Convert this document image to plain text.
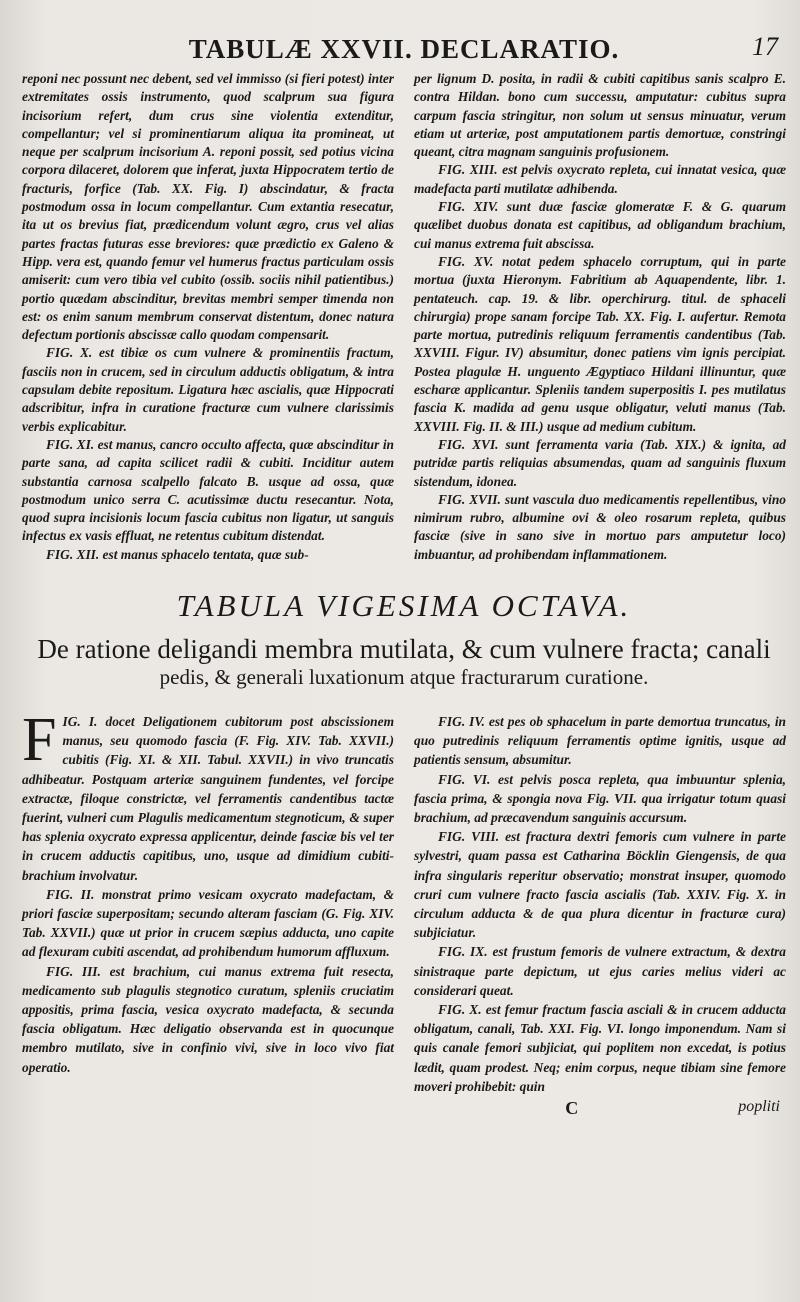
TABULÆ XXVII. DECLARATIO.	17

reponi nec possunt nec debent, sed vel immisso (si fieri potest) inter extremitates ossis instrumento, quod scalprum sua figura incisorium refert, dum crus sine violentia extenditur, compellantur; vel si prominentiarum aliqua ita promineat, ut neque per scalprum incisorium A. reponi possit, sed potius vicina corpora dilaceret, dolorem que inferat, juxta Hippocratem tertio de fracturis, forfice (Tab. XX. Fig. I) abscindatur, & fracta postmodum ossa in locum compellantur. Cum extantia resecatur, ita ut os brevius fiat, prædicendum volunt ægro, crus vel alias partes fractas futuras esse breviores: quæ prædictio ex Galeno & Hipp. vera est, quando femur vel humerus fractus particulam ossis amiserit: cum vero tibia vel cubito (ossib. sociis nihil patientibus.) portio quædam abscinditur, brevitas membri semper timenda non est: os enim sanum membrum conservat distentum, donec natura defectum portionis abscissæ callo quodam compensarit.

FIG. X. est tibiæ os cum vulnere & prominentiis fractum, fasciis non in crucem, sed in circulum adductis obligatum, & intra capsulam debite repositum. Ligatura hæc ascialis, quæ Hippocrati adscribitur, infra in curatione fracturæ cum vulnere clarissimis verbis explicabitur.

FIG. XI. est manus, cancro occulto affecta, quæ abscinditur in parte sana, ad capita scilicet radii & cubiti. Inciditur autem substantia carnosa scalpello falcato B. usque ad ossa, quæ postmodum unico serra C. acutissimæ ductu resecantur. Nota, quod supra incisionis locum fascia cubitus non ligatur, ut sanguis infectus ex vasis effluat, ne retentus cubitum distendat.

FIG. XII. est manus sphacelo tentata, quæ sub-

per lignum D. posita, in radii & cubiti capitibus sanis scalpro E. contra Hildan. bono cum successu, amputatur: cubitus supra carpum fascia stringitur, non solum ut sensus minuatur, verum etiam ut arteriæ, post amputationem partis demortuæ, constringi queant, citra magnam sanguinis profusionem.

FIG. XIII. est pelvis oxycrato repleta, cui innatat vesica, quæ madefacta parti mutilatæ adhibenda.

FIG. XIV. sunt duæ fasciæ glomeratæ F. & G. quarum quælibet duobus donata est capitibus, ad obligandum brachium, cui manus extrema fuit abscissa.

FIG. XV. notat pedem sphacelo corruptum, qui in parte mortua (juxta Hieronym. Fabritium ab Aquapendente, libr. 1. pentateuch. cap. 19. & libr. operchirurg. titul. de sphaceli chirurgia) prope sanam forcipe Tab. XX. Fig. I. aufertur. Remota parte mortua, putredinis reliquum ferramentis candentibus (Tab. XXVIII. Figur. IV) absumitur, donec patiens vim ignis percipiat. Postea plagulæ H. unguento Ægyptiaco Hildani illinuntur, quæ escharæ applicantur. Spleniis tandem superpositis I. pes mutilatus fascia K. madida ad genu usque obligatur, veluti manus (Tab. XXVIII. Fig. II. & III.) usque ad medium cubitum.

FIG. XVI. sunt ferramenta varia (Tab. XIX.) & ignita, ad putridæ partis reliquias absumendas, quam ad sanguinis fluxum sistendum, idonea.

FIG. XVII. sunt vascula duo medicamentis repellentibus, vino nimirum rubro, albumine ovi & oleo rosarum repleta, quibus fasciæ (sive in sano sive in mortuo pars amputetur loco) imbuantur, ad prohibendam inflammationem.

TABULA VIGESIMA OCTAVA.
De ratione deligandi membra mutilata, & cum vulnere fracta; canali
pedis, & generali luxationum atque fracturarum curatione.

FIG. I. docet Deligationem cubitorum post abscissionem manus, seu quomodo fascia (F. Fig. XIV. Tab. XXVII.) cubitis (Fig. XI. & XII. Tabul. XXVII.) in vivo truncatis adhibeatur. Postquam arteriæ sanguinem fundentes, vel forcipe extractæ, filoque constrictæ, vel ferramentis candentibus tactæ fuerint, vulneri cum Plagulis medicamentum stegnoticum, & super has splenia oxycrato expressa applicentur, deinde fasciæ bis vel ter in crucem adductis capitibus, uno, usque ad dimidium cubiti-brachium involvatur.

FIG. II. monstrat primo vesicam oxycrato madefactam, & priori fasciæ superpositam; secundo alteram fasciam (G. Fig. XIV. Tab. XXVII.) quæ ut prior in crucem sæpius adducta, uno capite ad flexuram cubiti ascendat, ad prohibendum humorum affluxum.

FIG. III. est brachium, cui manus extrema fuit resecta, medicamento sub plagulis stegnotico curatum, spleniis cruciatim appositis, prima fascia, vesica oxycrato madefacta, & secunda fascia obligatum. Hæc deligatio observanda est in quocunque membro mutilato, sive in confinio vivi, sive in loco vivo fiat operatio.

FIG. IV. est pes ob sphacelum in parte demortua truncatus, in quo putredinis reliquum ferramentis optime ignitis, usque ad patientis sensum, absumitur.

FIG. VI. est pelvis posca repleta, qua imbuuntur splenia, fascia prima, & spongia nova Fig. VII. qua irrigatur totum quasi brachium, ad præcavendum sanguinis accursum.

FIG. VIII. est fractura dextri femoris cum vulnere in parte sylvestri, quam passa est Catharina Böcklin Giengensis, de qua infra singularis reperitur observatio; monstrat insuper, quomodo cruri cum vulnere fracto fascia ascialis (Tab. XXIV. Fig. X. in circulum adducta & de qua plura dicentur in fracturæ cura) subjiciatur.

FIG. IX. est frustum femoris de vulnere extractum, & dextra sinistraque parte depictum, ut ejus caries melius videri ac considerari queat.

FIG. X. est femur fractum fascia asciali & in crucem adducta obligatum, canali, Tab. XXI. Fig. VI. longo imponendum. Nam si quis canale femori subjiciat, qui poplitem non excedat, is potius lædit, quam prodest. Neq; enim corpus, neque tibiam sine femore moveri prohibebit: quin

C	popliti
